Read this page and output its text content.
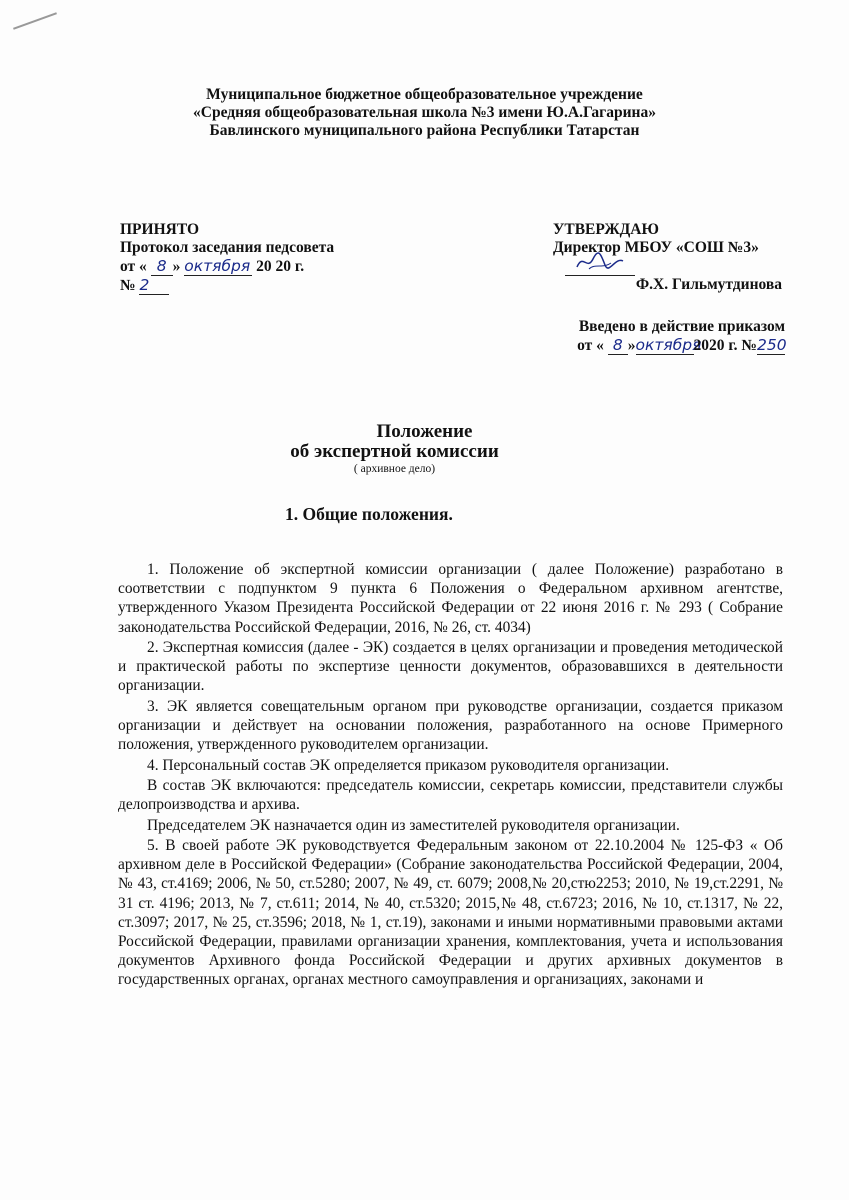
Муниципальное бюджетное общеобразовательное учреждение
«Средняя общеобразовательная школа №3 имени Ю.А.Гагарина»
Бавлинского муниципального района Республики Татарстан
ПРИНЯТО
Протокол заседания педсовета
от « 8 » октября 20 20 г.
№ 2
УТВЕРЖДАЮ
Директор МБОУ «СОШ №3»
Ф.Х. Гильмутдинова
Введено в действие приказом
от « 8 »октября2020 г. №250
Положение
об экспертной комиссии
( архивное дело)
1. Общие положения.

1. Положение об экспертной комиссии организации ( далее Положение) разработано в соответствии с подпунктом 9 пункта 6 Положения о Федеральном архивном агентстве, утвержденного Указом Президента Российской Федерации от 22 июня 2016 г. № 293 ( Собрание законодательства Российской Федерации, 2016, № 26, ст. 4034)

2. Экспертная комиссия (далее - ЭК) создается в целях организации и проведения методической и практической работы по экспертизе ценности документов, образовавшихся в деятельности организации.

3. ЭК является совещательным органом при руководстве организации, создается приказом организации и действует на основании положения, разработанного на основе Примерного положения, утвержденного руководителем организации.

4. Персональный состав ЭК определяется приказом руководителя организации.

В состав ЭК включаются: председатель комиссии, секретарь комиссии, представители службы делопроизводства и архива.

Председателем ЭК назначается один из заместителей руководителя организации.

5. В своей работе ЭК руководствуется Федеральным законом от 22.10.2004 № 125-ФЗ « Об архивном деле в Российской Федерации» (Собрание законодательства Российской Федерации, 2004, № 43, ст.4169; 2006, № 50, ст.5280; 2007, № 49, ст. 6079; 2008,№ 20,стю2253; 2010, № 19,ст.2291, № 31 ст. 4196; 2013, № 7, ст.611; 2014, № 40, ст.5320; 2015,№ 48, ст.6723; 2016, № 10, ст.1317, № 22, ст.3097; 2017, № 25, ст.3596; 2018, № 1, ст.19), законами и иными нормативными правовыми актами Российской Федерации, правилами организации хранения, комплектования, учета и использования документов Архивного фонда Российской Федерации и других архивных документов в государственных органах, органах местного самоуправления и организациях, законами и
